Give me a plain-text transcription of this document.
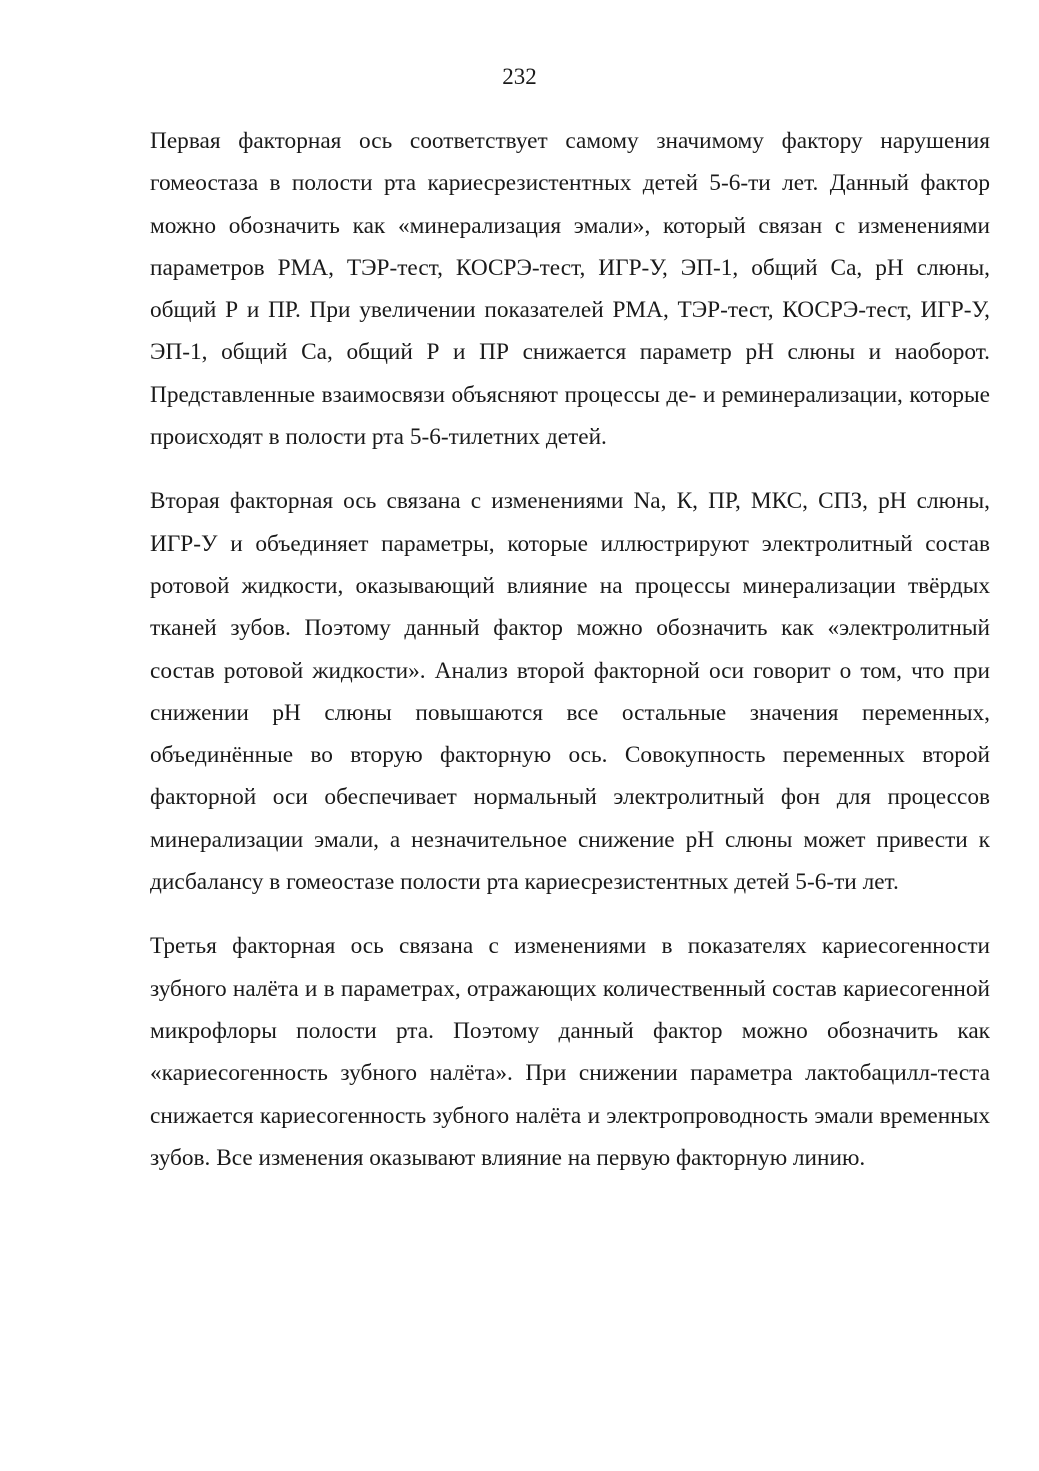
232

Первая факторная ось соответствует самому значимому фактору нарушения гомеостаза в полости рта кариесрезистентных детей 5-6-ти лет. Данный фактор можно обозначить как «минерализация эмали», который связан с изменениями параметров РМА, ТЭР-тест, КОСРЭ-тест, ИГР-У, ЭП-1, общий Са, рН слюны, общий Р и ПР. При увеличении показателей РМА, ТЭР-тест, КОСРЭ-тест, ИГР-У, ЭП-1, общий Са, общий Р и ПР снижается параметр рН слюны и наоборот. Представленные взаимосвязи объясняют процессы де- и реминерализации, которые происходят в полости рта 5-6-тилетних детей.

Вторая факторная ось связана с изменениями Na, К, ПР, МКС, СПЗ, рН слюны, ИГР-У и объединяет параметры, которые иллюстрируют электролитный состав ротовой жидкости, оказывающий влияние на процессы минерализации твёрдых тканей зубов. Поэтому данный фактор можно обозначить как «электролитный состав ротовой жидкости». Анализ второй факторной оси говорит о том, что при снижении рН слюны повышаются все остальные значения переменных, объединённые во вторую факторную ось. Совокупность переменных второй факторной оси обеспечивает нормальный электролитный фон для процессов минерализации эмали, а незначительное снижение рН слюны может привести к дисбалансу в гомеостазе полости рта кариесрезистентных детей 5-6-ти лет.

Третья факторная ось связана с изменениями в показателях кариесогенности зубного налёта и в параметрах, отражающих количественный состав кариесогенной микрофлоры полости рта. Поэтому данный фактор можно обозначить как «кариесогенность зубного налёта». При снижении параметра лактобацилл-теста снижается кариесогенность зубного налёта и электропроводность эмали временных зубов. Все изменения оказывают влияние на первую факторную линию.
